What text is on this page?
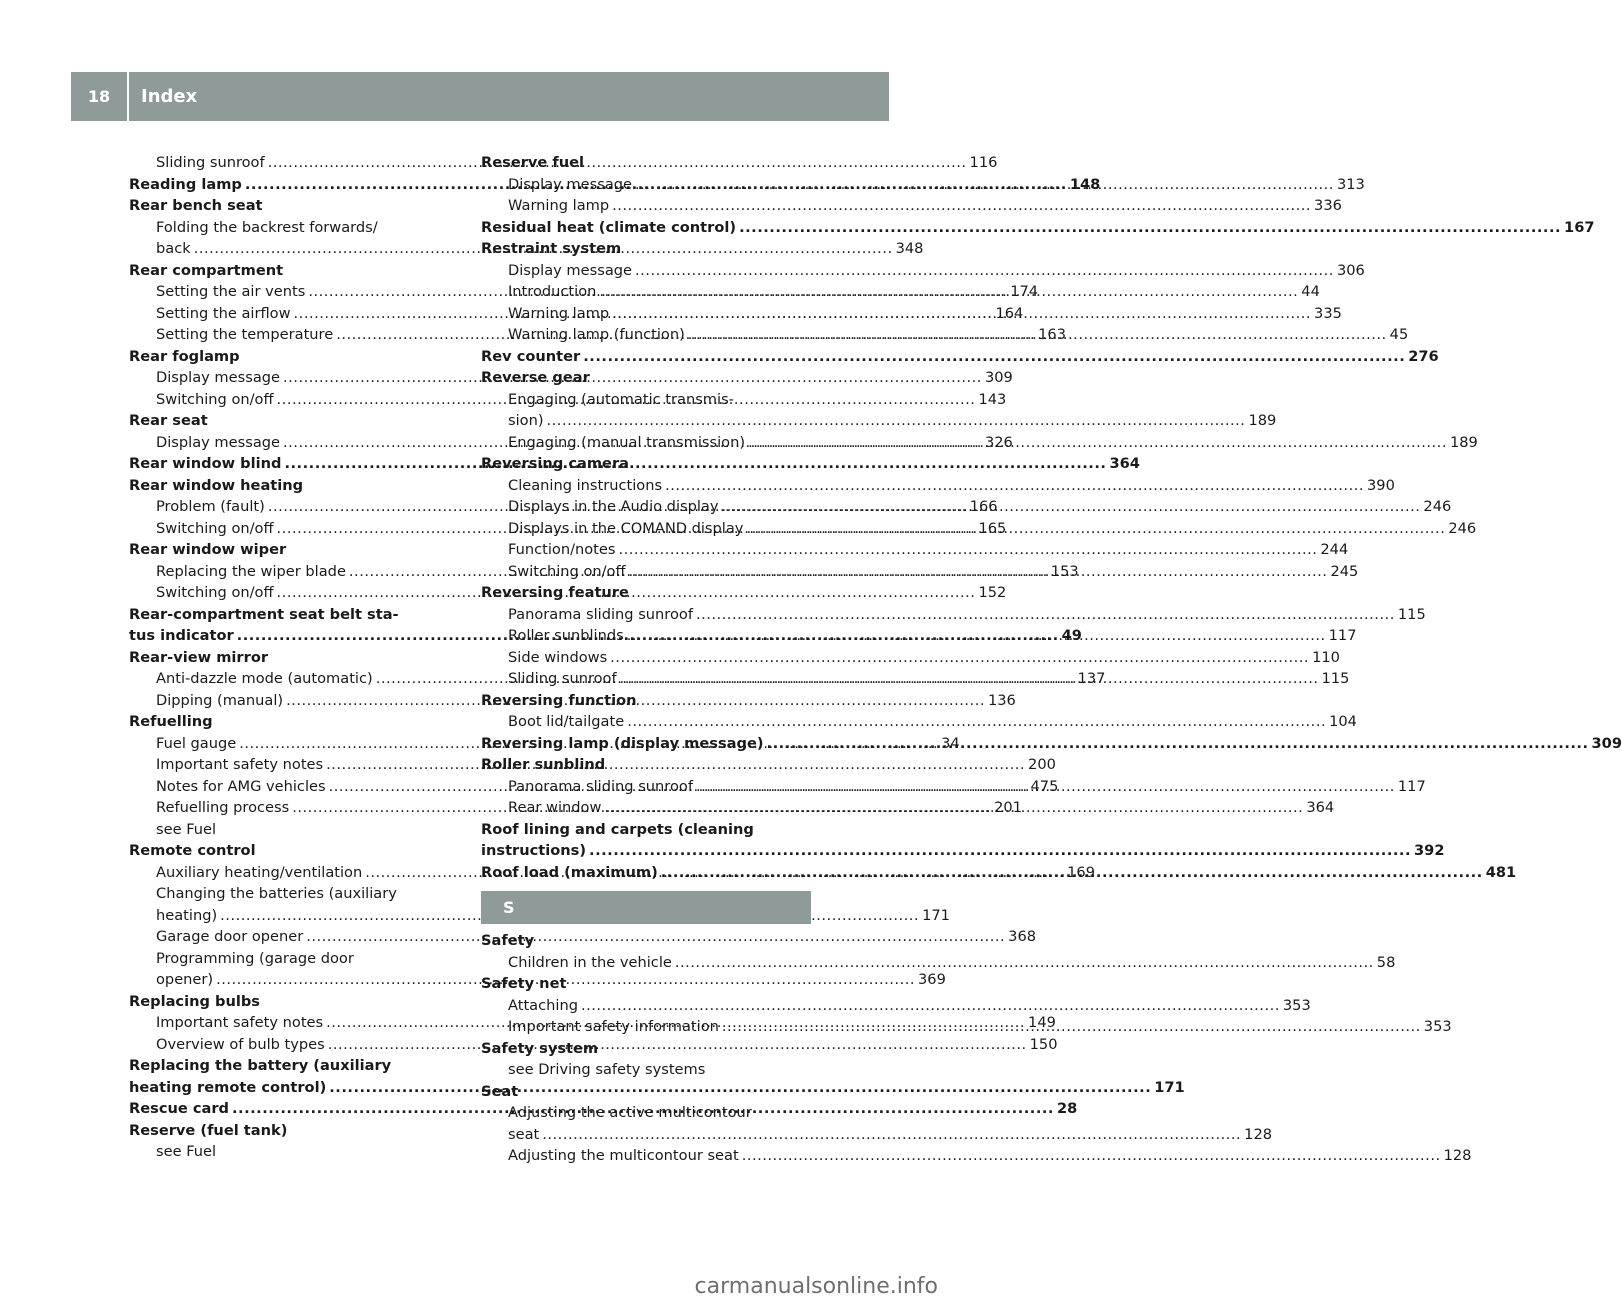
18	Index
Sliding sunroof .....	116
Reading lamp .....	148
Rear bench seat
Folding the backrest forwards/
back .....	348
Rear compartment
Setting the air vents .....	174
Setting the airflow .....	164
Setting the temperature .....	163
Rear foglamp
Display message .....	309
Switching on/off .....	143
Rear seat
Display message .....	326
Rear window blind .....	364
Rear window heating
Problem (fault) .....	166
Switching on/off .....	165
Rear window wiper
Replacing the wiper blade .....	153
Switching on/off .....	152
Rear-compartment seat belt sta-
tus indicator .....	49
Rear-view mirror
Anti-dazzle mode (automatic) .....	137
Dipping (manual) .....	136
Refuelling
Fuel gauge .....	34
Important safety notes .....	200
Notes for AMG vehicles .....	475
Refuelling process .....	201
see Fuel
Remote control
Auxiliary heating/ventilation .....	169
Changing the batteries (auxiliary
heating) .....	171
Garage door opener .....	368
Programming (garage door
opener) .....	369
Replacing bulbs
Important safety notes .....	149
Overview of bulb types .....	150
Replacing the battery (auxiliary
heating remote control) .....	171
Rescue card .....	28
Reserve (fuel tank)
see Fuel
Reserve fuel
Display message .....	313
Warning lamp .....	336
Residual heat (climate control) .....	167
Restraint system
Display message .....	306
Introduction .....	44
Warning lamp .....	335
Warning lamp (function) .....	45
Rev counter .....	276
Reverse gear
Engaging (automatic transmis-
sion) .....	189
Engaging (manual transmission) .....	189
Reversing camera
Cleaning instructions .....	390
Displays in the Audio display .....	246
Displays in the COMAND display .....	246
Function/notes .....	244
Switching on/off .....	245
Reversing feature
Panorama sliding sunroof .....	115
Roller sunblinds .....	117
Side windows .....	110
Sliding sunroof .....	115
Reversing function
Boot lid/tailgate .....	104
Reversing lamp (display message) .....	309
Roller sunblind
Panorama sliding sunroof .....	117
Rear window .....	364
Roof lining and carpets (cleaning
instructions) .....	392
Roof load (maximum) .....	481
S
Safety
Children in the vehicle .....	58
Safety net
Attaching .....	353
Important safety information .....	353
Safety system
see Driving safety systems
Seat
Adjusting the active multicontour
seat .....	128
Adjusting the multicontour seat .....	128
carmanualsonline.info
